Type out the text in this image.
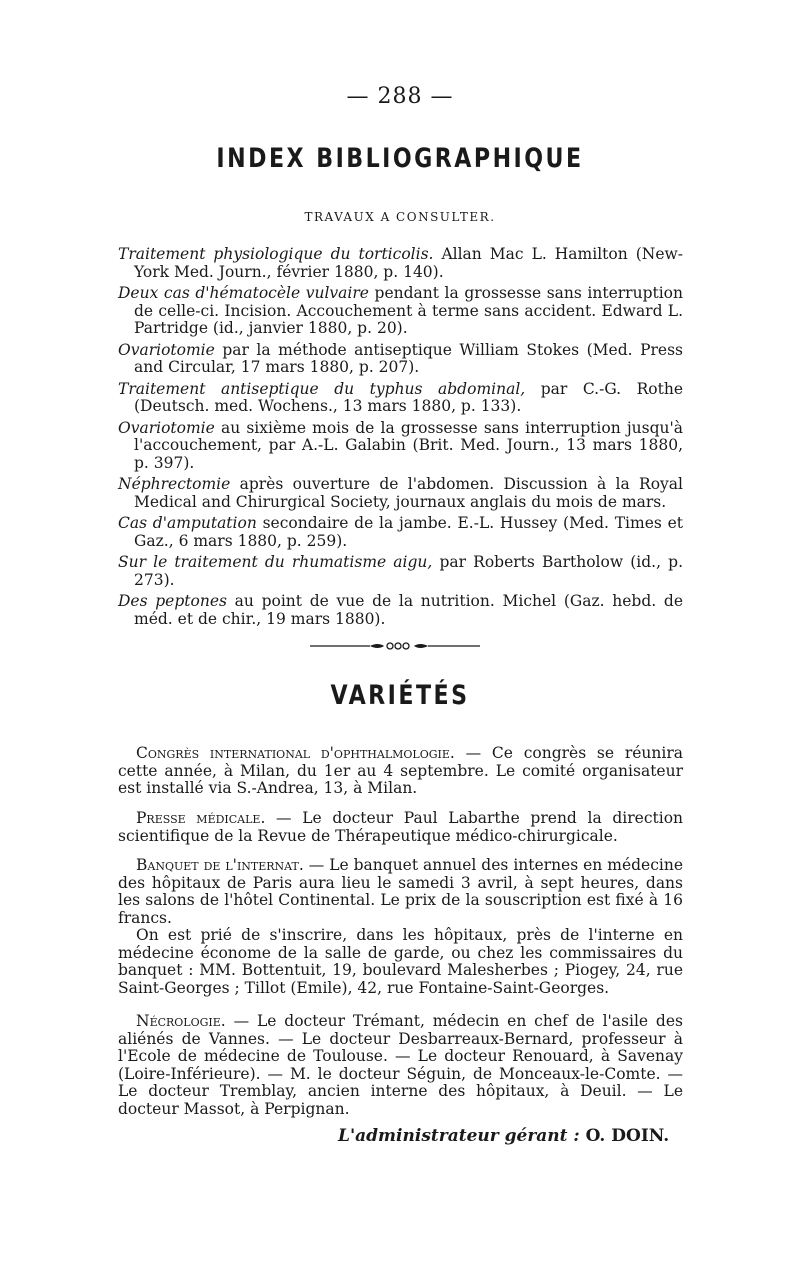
— 288 —
INDEX BIBLIOGRAPHIQUE
TRAVAUX A CONSULTER.

Traitement physiologique du torticolis. Allan Mac L. Hamilton (New-York Med. Journ., février 1880, p. 140).

Deux cas d'hématocèle vulvaire pendant la grossesse sans interruption de celle-ci. Incision. Accouchement à terme sans accident. Edward L. Partridge (id., janvier 1880, p. 20).

Ovariotomie par la méthode antiseptique William Stokes (Med. Press and Circular, 17 mars 1880, p. 207).

Traitement antiseptique du typhus abdominal, par C.-G. Rothe (Deutsch. med. Wochens., 13 mars 1880, p. 133).

Ovariotomie au sixième mois de la grossesse sans interruption jusqu'à l'accouchement, par A.-L. Galabin (Brit. Med. Journ., 13 mars 1880, p. 397).

Néphrectomie après ouverture de l'abdomen. Discussion à la Royal Medical and Chirurgical Society, journaux anglais du mois de mars.

Cas d'amputation secondaire de la jambe. E.-L. Hussey (Med. Times et Gaz., 6 mars 1880, p. 259).

Sur le traitement du rhumatisme aigu, par Roberts Bartholow (id., p. 273).

Des peptones au point de vue de la nutrition. Michel (Gaz. hebd. de méd. et de chir., 19 mars 1880).

VARIÉTÉS

Congrès international d'ophthalmologie. — Ce congrès se réunira cette année, à Milan, du 1er au 4 septembre. Le comité organisateur est installé via S.-Andrea, 13, à Milan.

Presse médicale. — Le docteur Paul Labarthe prend la direction scientifique de la Revue de Thérapeutique médico-chirurgicale.

Banquet de l'internat. — Le banquet annuel des internes en médecine des hôpitaux de Paris aura lieu le samedi 3 avril, à sept heures, dans les salons de l'hôtel Continental. Le prix de la souscription est fixé à 16 francs.

On est prié de s'inscrire, dans les hôpitaux, près de l'interne en médecine économe de la salle de garde, ou chez les commissaires du banquet : MM. Bottentuit, 19, boulevard Malesherbes ; Piogey, 24, rue Saint-Georges ; Tillot (Emile), 42, rue Fontaine-Saint-Georges.

Nécrologie. — Le docteur Trémant, médecin en chef de l'asile des aliénés de Vannes. — Le docteur Desbarreaux-Bernard, professeur à l'Ecole de médecine de Toulouse. — Le docteur Renouard, à Savenay (Loire-Inférieure). — M. le docteur Séguin, de Monceaux-le-Comte. — Le docteur Tremblay, ancien interne des hôpitaux, à Deuil. — Le docteur Massot, à Perpignan.

L'administrateur gérant : O. DOIN.
